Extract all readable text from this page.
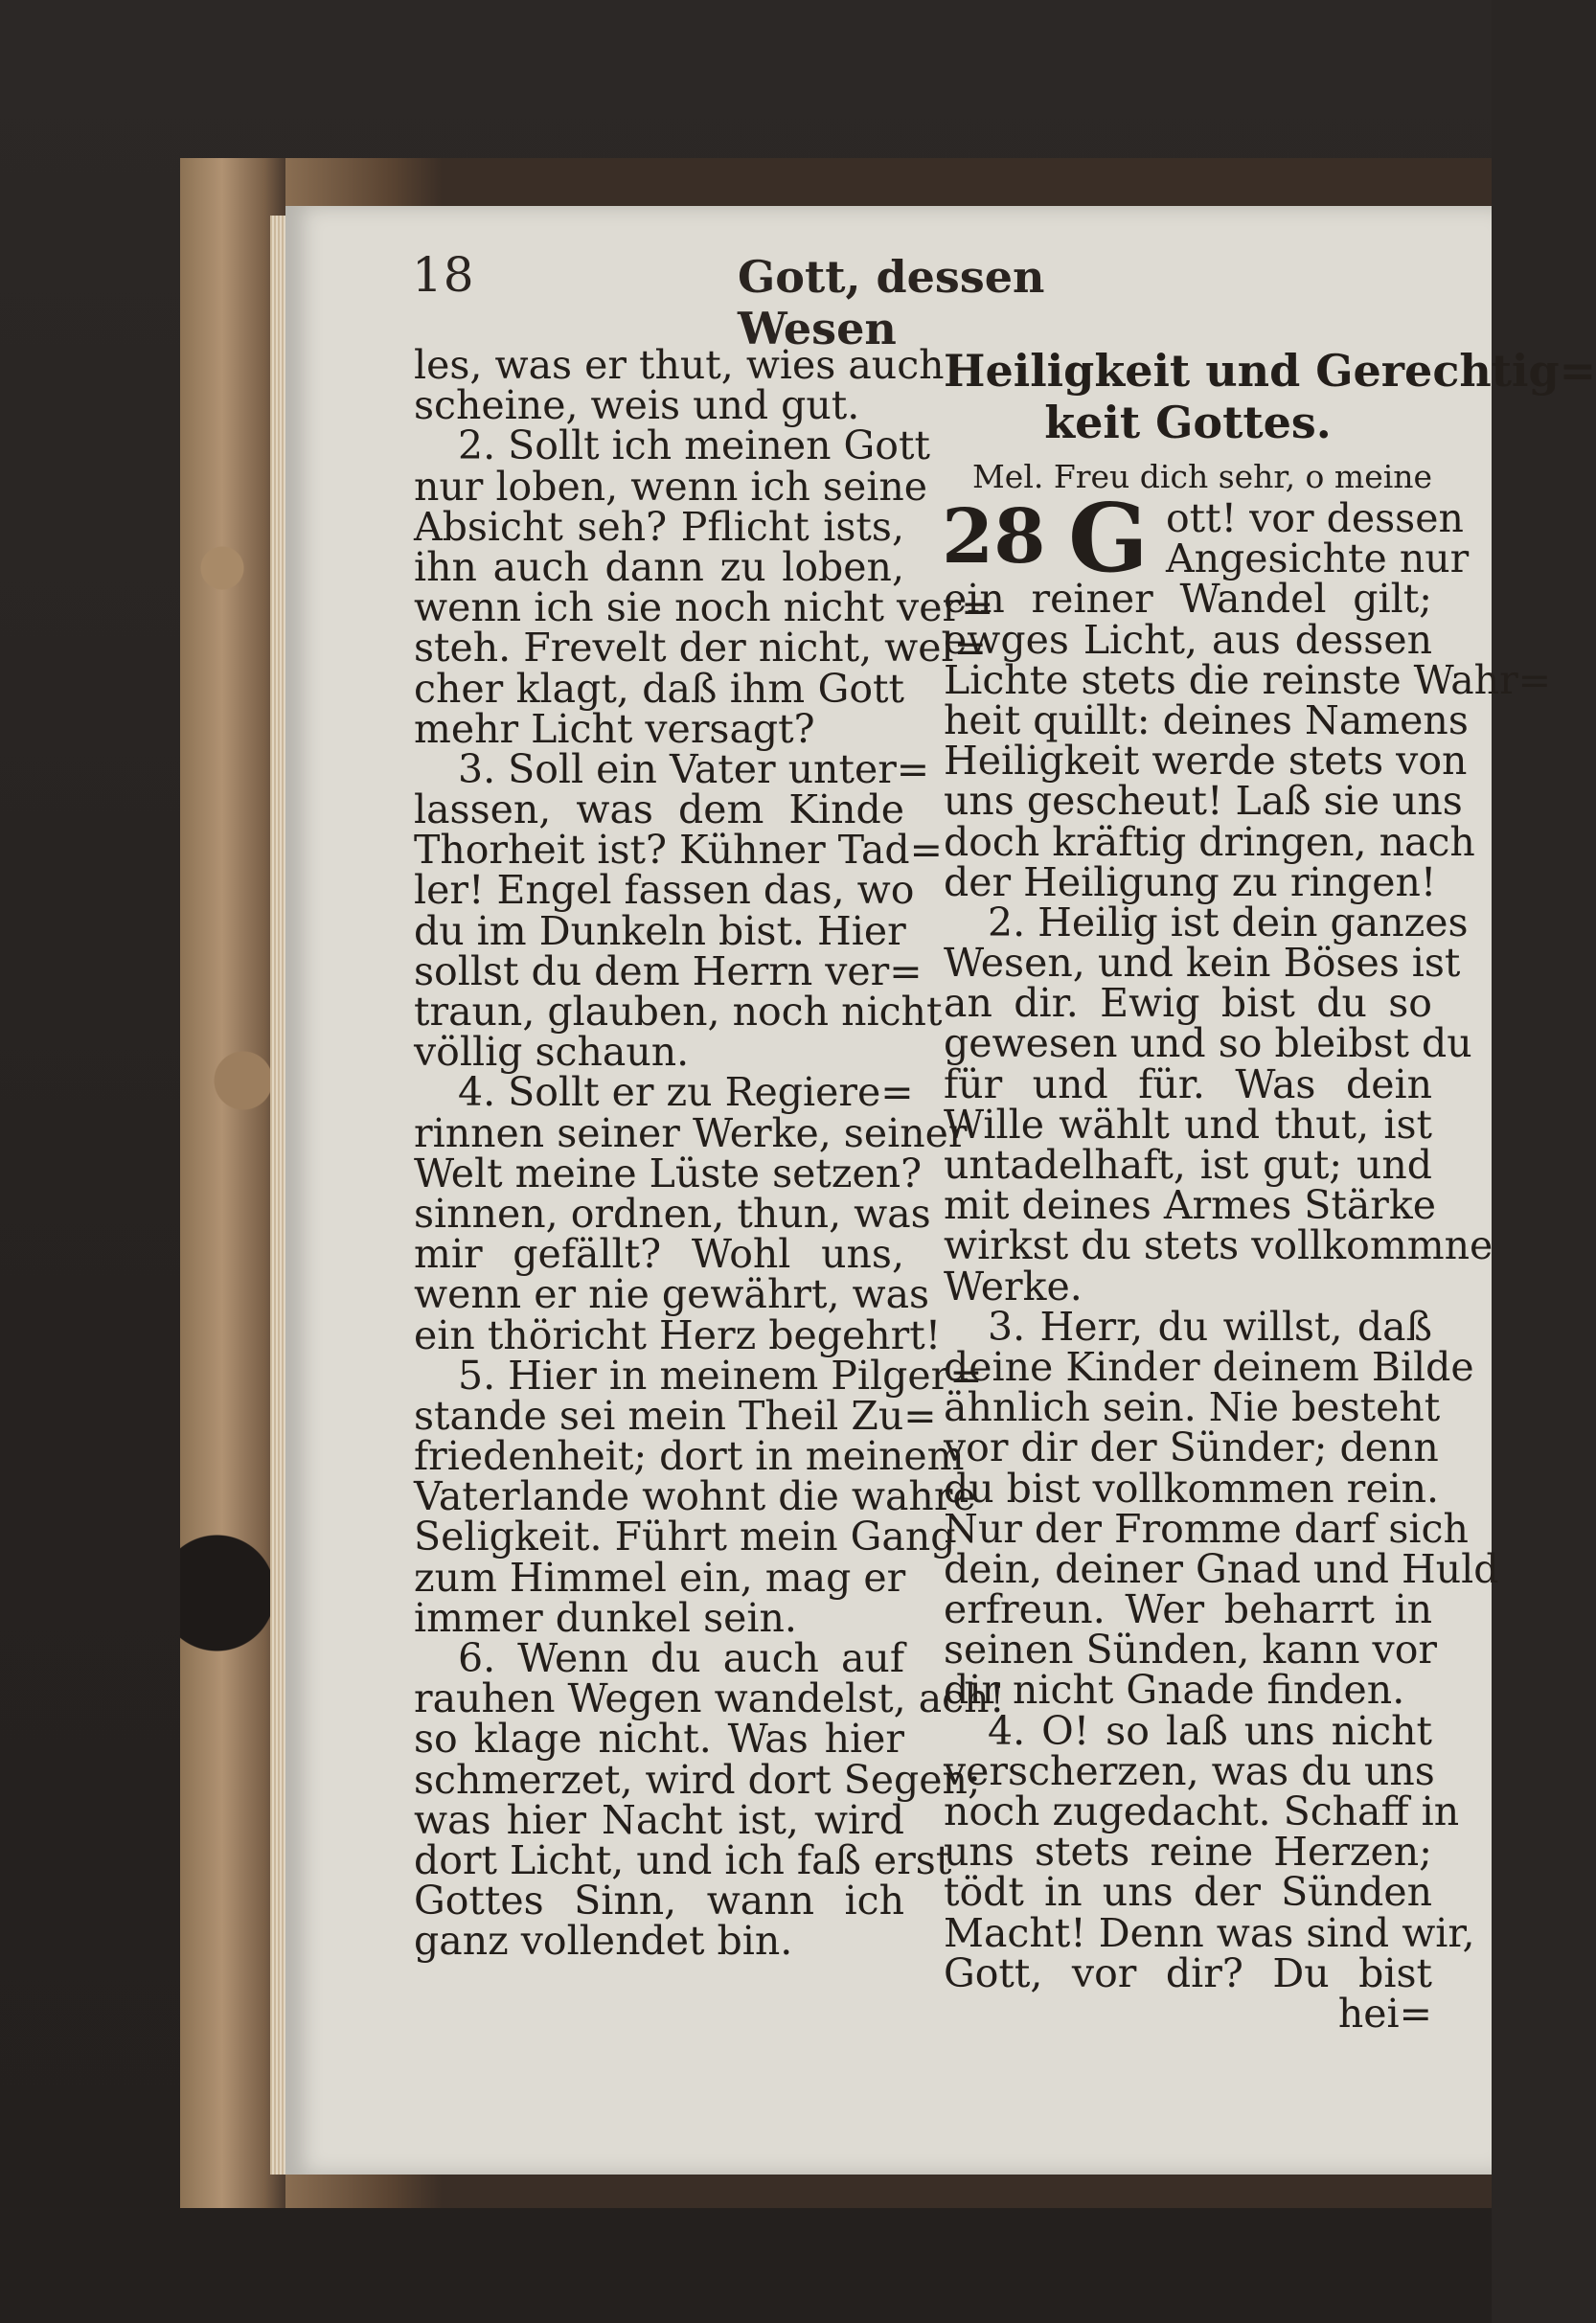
18	Gott, dessen Wesen
les, was er thut, wies auch
scheine, weis und gut.
2. Sollt ich meinen Gott
nur loben, wenn ich seine
Absicht seh? Pflicht ists,
ihn auch dann zu loben,
wenn ich sie noch nicht ver=
steh. Frevelt der nicht, wel=
cher klagt, daß ihm Gott
mehr Licht versagt?
3. Soll ein Vater unter=
lassen, was dem Kinde
Thorheit ist? Kühner Tad=
ler! Engel fassen das, wo
du im Dunkeln bist. Hier
sollst du dem Herrn ver=
traun, glauben, noch nicht
völlig schaun.
4. Sollt er zu Regiere=
rinnen seiner Werke, seiner
Welt meine Lüste setzen?
sinnen, ordnen, thun, was
mir gefällt? Wohl uns,
wenn er nie gewährt, was
ein thöricht Herz begehrt!
5. Hier in meinem Pilger=
stande sei mein Theil Zu=
friedenheit; dort in meinem
Vaterlande wohnt die wahre
Seligkeit. Führt mein Gang
zum Himmel ein, mag er
immer dunkel sein.
6. Wenn du auch auf
rauhen Wegen wandelst, ach!
so klage nicht. Was hier
schmerzet, wird dort Segen;
was hier Nacht ist, wird
dort Licht, und ich faß erst
Gottes Sinn, wann ich
ganz vollendet bin.
Heiligkeit und Gerechtig=
keit Gottes.
Mel. Freu dich sehr, o meine
28 G ott! vor dessen
Angesichte nur
ein reiner Wandel gilt;
ewges Licht, aus dessen
Lichte stets die reinste Wahr=
heit quillt: deines Namens
Heiligkeit werde stets von
uns gescheut! Laß sie uns
doch kräftig dringen, nach
der Heiligung zu ringen!
2. Heilig ist dein ganzes
Wesen, und kein Böses ist
an dir. Ewig bist du so
gewesen und so bleibst du
für und für. Was dein
Wille wählt und thut, ist
untadelhaft, ist gut; und
mit deines Armes Stärke
wirkst du stets vollkommne
Werke.
3. Herr, du willst, daß
deine Kinder deinem Bilde
ähnlich sein. Nie besteht
vor dir der Sünder; denn
du bist vollkommen rein.
Nur der Fromme darf sich
dein, deiner Gnad und Huld
erfreun. Wer beharrt in
seinen Sünden, kann vor
dir nicht Gnade finden.
4. O! so laß uns nicht
verscherzen, was du uns
noch zugedacht. Schaff in
uns stets reine Herzen;
tödt in uns der Sünden
Macht! Denn was sind wir,
Gott, vor dir? Du bist
hei=
